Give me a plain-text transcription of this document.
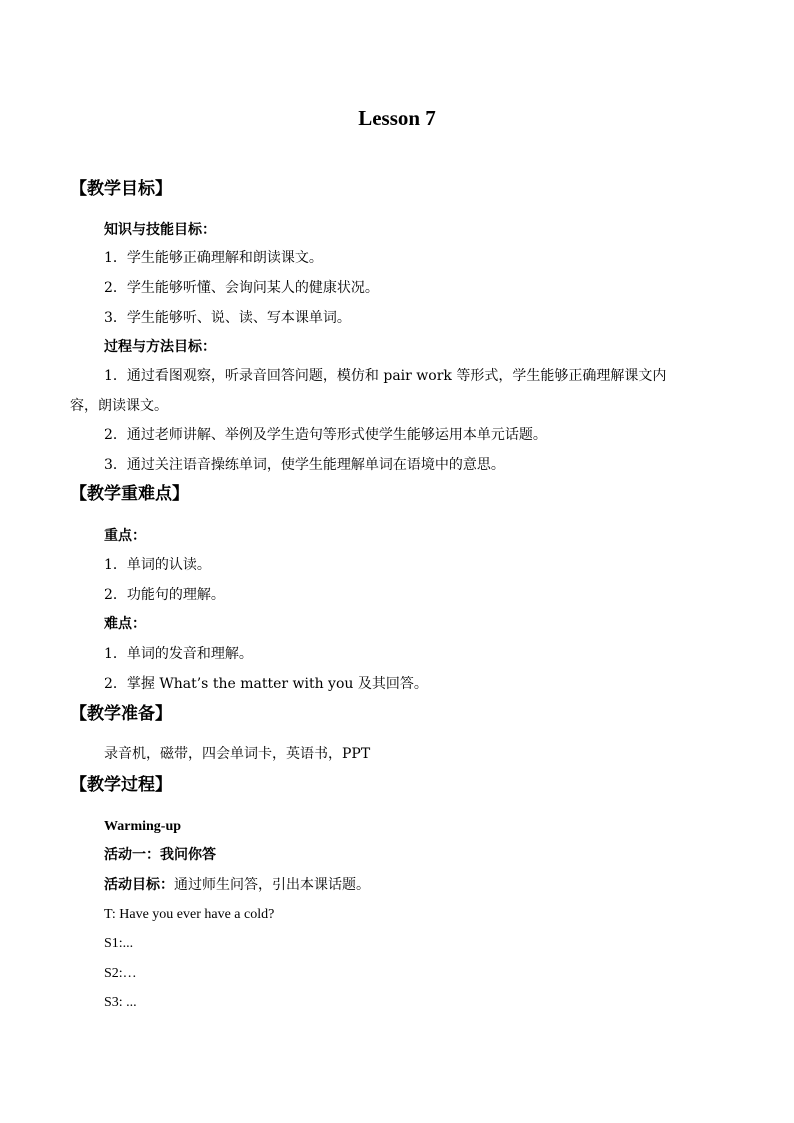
Lesson 7
【教学目标】
知识与技能目标：
1．学生能够正确理解和朗读课文。
2．学生能够听懂、会询问某人的健康状况。
3．学生能够听、说、读、写本课单词。
过程与方法目标：
1．通过看图观察，听录音回答问题，模仿和 pair work 等形式，学生能够正确理解课文内
容，朗读课文。
2．通过老师讲解、举例及学生造句等形式使学生能够运用本单元话题。
3．通过关注语音操练单词，使学生能理解单词在语境中的意思。
【教学重难点】
重点：
1．单词的认读。
2．功能句的理解。
难点：
1．单词的发音和理解。
2．掌握 What’s the matter with you 及其回答。
【教学准备】
录音机，磁带，四会单词卡，英语书，PPT
【教学过程】
Warming-up
活动一：我问你答
活动目标：通过师生问答，引出本课话题。
T: Have you ever have a cold?
S1:...
S2:…
S3: ...
